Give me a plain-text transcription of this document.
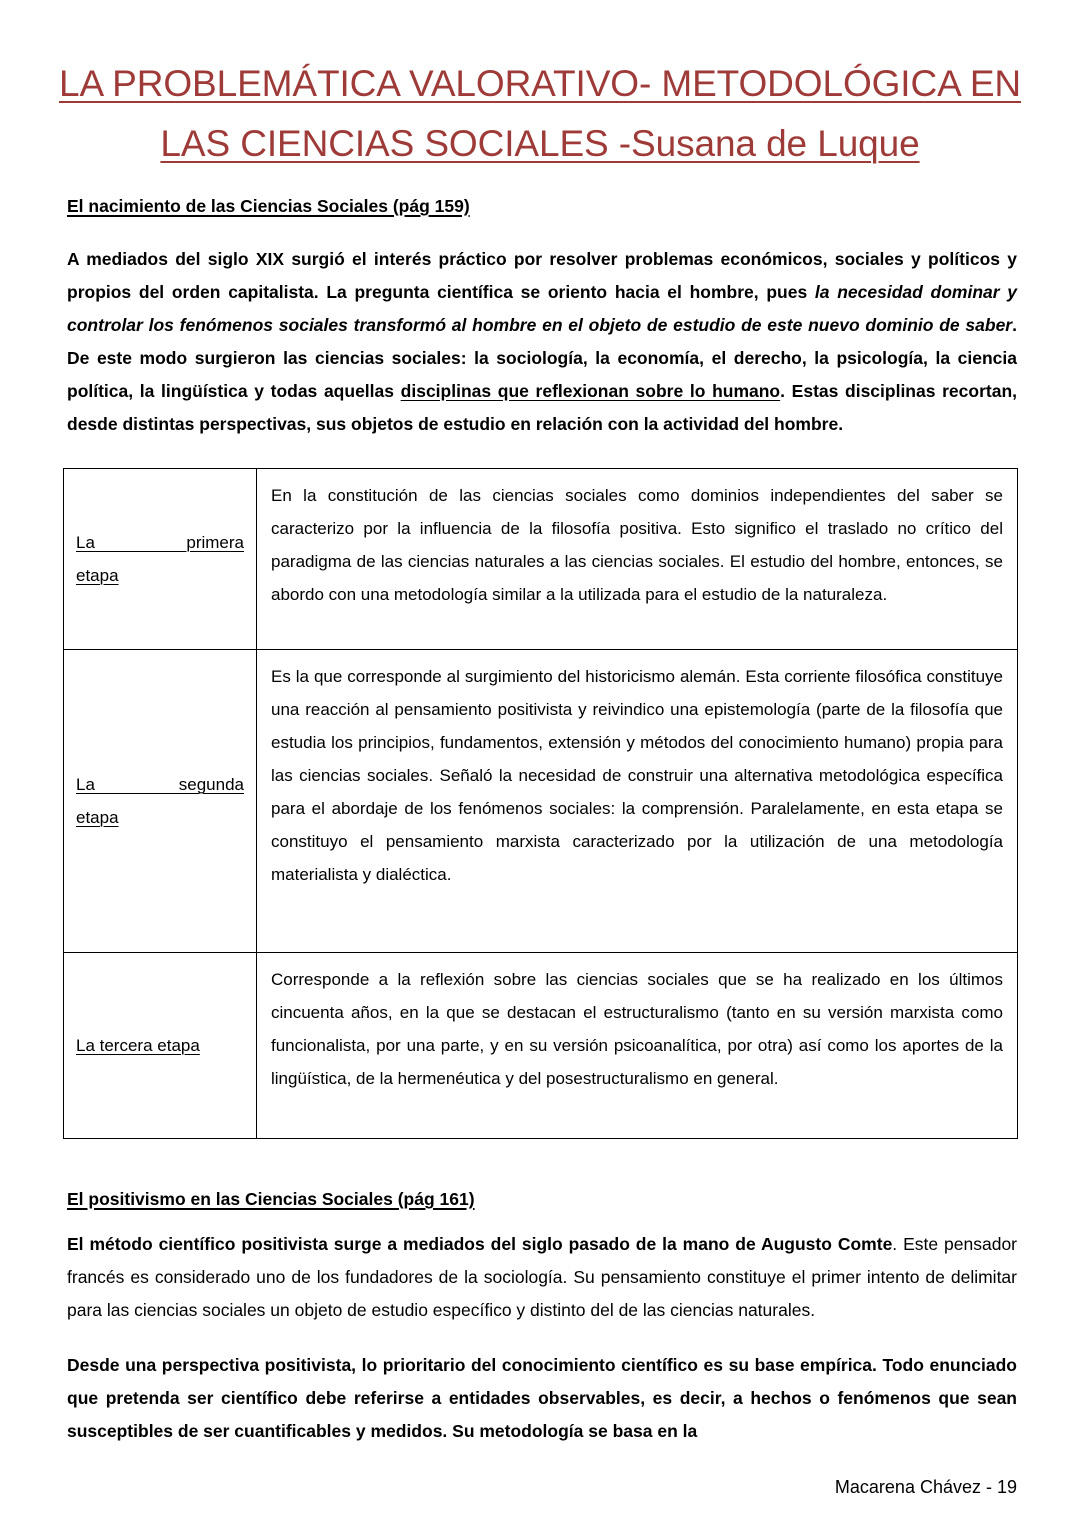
LA PROBLEMÁTICA VALORATIVO- METODOLÓGICA EN
LAS CIENCIAS SOCIALES -Susana de Luque
El nacimiento de las Ciencias Sociales (pág 159)

A mediados del siglo XIX surgió el interés práctico por resolver problemas económicos, sociales y políticos y propios del orden capitalista. La pregunta científica se oriento hacia el hombre, pues la necesidad dominar y controlar los fenómenos sociales transformó al hombre en el objeto de estudio de este nuevo dominio de saber. De este modo surgieron las ciencias sociales: la sociología, la economía, el derecho, la psicología, la ciencia política, la lingüística y todas aquellas disciplinas que reflexionan sobre lo humano. Estas disciplinas recortan, desde distintas perspectivas, sus objetos de estudio en relación con la actividad del hombre.

La primera
etapa	En la constitución de las ciencias sociales como dominios independientes del saber se caracterizo por la influencia de la filosofía positiva. Esto significo el traslado no crítico del paradigma de las ciencias naturales a las ciencias sociales. El estudio del hombre, entonces, se abordo con una metodología similar a la utilizada para el estudio de la naturaleza.

La segunda
etapa	Es la que corresponde al surgimiento del historicismo alemán. Esta corriente filosófica constituye una reacción al pensamiento positivista y reivindico una epistemología (parte de la filosofía que estudia los principios, fundamentos, extensión y métodos del conocimiento humano) propia para las ciencias sociales. Señaló la necesidad de construir una alternativa metodológica específica para el abordaje de los fenómenos sociales: la comprensión. Paralelamente, en esta etapa se constituyo el pensamiento marxista caracterizado por la utilización de una metodología materialista y dialéctica.

La tercera etapa	Corresponde a la reflexión sobre las ciencias sociales que se ha realizado en los últimos cincuenta años, en la que se destacan el estructuralismo (tanto en su versión marxista como funcionalista, por una parte, y en su versión psicoanalítica, por otra) así como los aportes de la lingüística, de la hermenéutica y del posestructuralismo en general.
El positivismo en las Ciencias Sociales (pág 161)

El método científico positivista surge a mediados del siglo pasado de la mano de Augusto Comte. Este pensador francés es considerado uno de los fundadores de la sociología. Su pensamiento constituye el primer intento de delimitar para las ciencias sociales un objeto de estudio específico y distinto del de las ciencias naturales.

Desde una perspectiva positivista, lo prioritario del conocimiento científico es su base empírica. Todo enunciado que pretenda ser científico debe referirse a entidades observables, es decir, a hechos o fenómenos que sean susceptibles de ser cuantificables y medidos. Su metodología se basa en la

Macarena Chávez - 19
